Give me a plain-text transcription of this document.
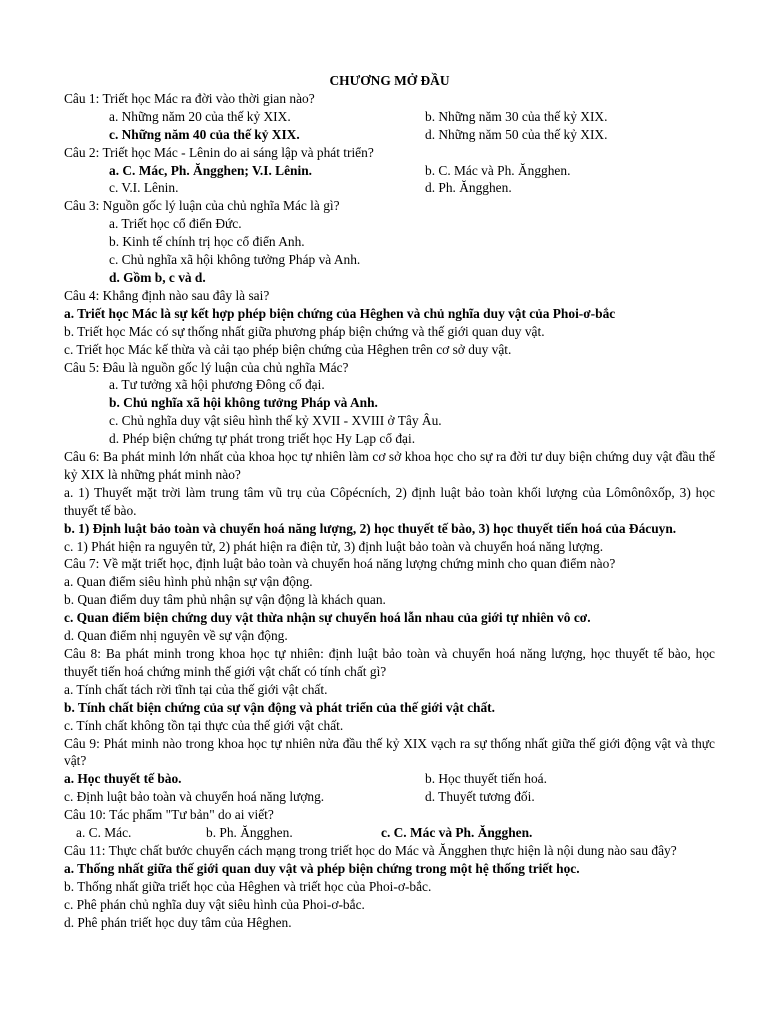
CHƯƠNG MỞ ĐẦU
Câu 1: Triết học Mác ra đời vào thời gian nào?
a. Những năm 20 của thế kỷ XIX.	b. Những năm 30 của thế kỷ XIX.
c. Những năm 40 của thế kỷ XIX.	d. Những năm 50 của thế kỷ XIX.
Câu 2: Triết học Mác - Lênin do ai sáng lập và phát triển?
a. C. Mác, Ph. Ăngghen; V.I. Lênin.	b. C. Mác và Ph. Ăngghen.
c. V.I. Lênin.	d. Ph. Ăngghen.
Câu 3: Nguồn gốc lý luận của chủ nghĩa Mác là gì?
a. Triết học cổ điển Đức.
b. Kinh tế chính trị học cổ điển Anh.
c. Chủ nghĩa xã hội không tưởng Pháp và Anh.
d. Gồm b, c và d.
Câu 4: Khẳng định nào sau đây là sai?
a. Triết học Mác là sự kết hợp phép biện chứng của Hêghen và chủ nghĩa duy vật của Phoi-ơ-bắc
b. Triết học Mác có sự thống nhất giữa phương pháp biện chứng và thế giới quan duy vật.
c. Triết học Mác kế thừa và cải tạo phép biện chứng của Hêghen trên cơ sở duy vật.
Câu 5: Đâu là nguồn gốc lý luận của chủ nghĩa Mác?
a. Tư tưởng xã hội phương Đông cổ đại.
b. Chủ nghĩa xã hội không tưởng Pháp và Anh.
c. Chủ nghĩa duy vật siêu hình thế kỷ XVII - XVIII ở Tây Âu.
d. Phép biện chứng tự phát trong triết học Hy Lạp cổ đại.
Câu 6: Ba phát minh lớn nhất của khoa học tự nhiên làm cơ sở khoa học cho sự ra đời tư duy biện chứng duy vật đầu thế kỷ XIX là những phát minh nào?
a. 1) Thuyết mặt trời làm trung tâm vũ trụ của Côpécních, 2) định luật bảo toàn khối lượng của Lômônôxốp, 3) học thuyết tế bào.
b. 1) Định luật bảo toàn và chuyển hoá năng lượng, 2) học thuyết tế bào, 3) học thuyết tiến hoá của Đácuyn.
c. 1) Phát hiện ra nguyên tử, 2) phát hiện ra điện tử, 3) định luật bảo toàn và chuyển hoá năng lượng.
Câu 7: Về mặt triết học, định luật bảo toàn và chuyển hoá năng lượng chứng minh cho quan điểm nào?
a. Quan điểm siêu hình phủ nhận sự vận động.
b. Quan điểm duy tâm phủ nhận sự vận động là khách quan.
c. Quan điểm biện chứng duy vật thừa nhận sự chuyển hoá lẫn nhau của giới tự nhiên vô cơ.
d. Quan điểm nhị nguyên về sự vận động.
Câu 8: Ba phát minh trong khoa học tự nhiên: định luật bảo toàn và chuyển hoá năng lượng, học thuyết tế bào, học thuyết tiến hoá chứng minh thế giới vật chất có tính chất gì?
a. Tính chất tách rời tĩnh tại của thế giới vật chất.
b. Tính chất biện chứng của sự vận động và phát triển của thế giới vật chất.
c. Tính chất không tồn tại thực của thế giới vật chất.
Câu 9: Phát minh nào trong khoa học tự nhiên nửa đầu thế kỷ XIX vạch ra sự thống nhất giữa thế giới động vật và thực vật?
a. Học thuyết tế bào.	b. Học thuyết tiến hoá.
c. Định luật bảo toàn và chuyển hoá năng lượng.	d. Thuyết tương đối.
Câu 10: Tác phẩm "Tư bản" do ai viết?
a. C. Mác.	b. Ph. Ăngghen.	c. C. Mác và Ph. Ăngghen.
Câu 11: Thực chất bước chuyển cách mạng trong triết học do Mác và Ăngghen thực hiện là nội dung nào sau đây?
a. Thống nhất giữa thế giới quan duy vật và phép biện chứng trong một hệ thống triết học.
b. Thống nhất giữa triết học của Hêghen và triết học của Phoi-ơ-bắc.
c. Phê phán chủ nghĩa duy vật siêu hình của Phoi-ơ-bắc.
d. Phê phán triết học duy tâm của Hêghen.
